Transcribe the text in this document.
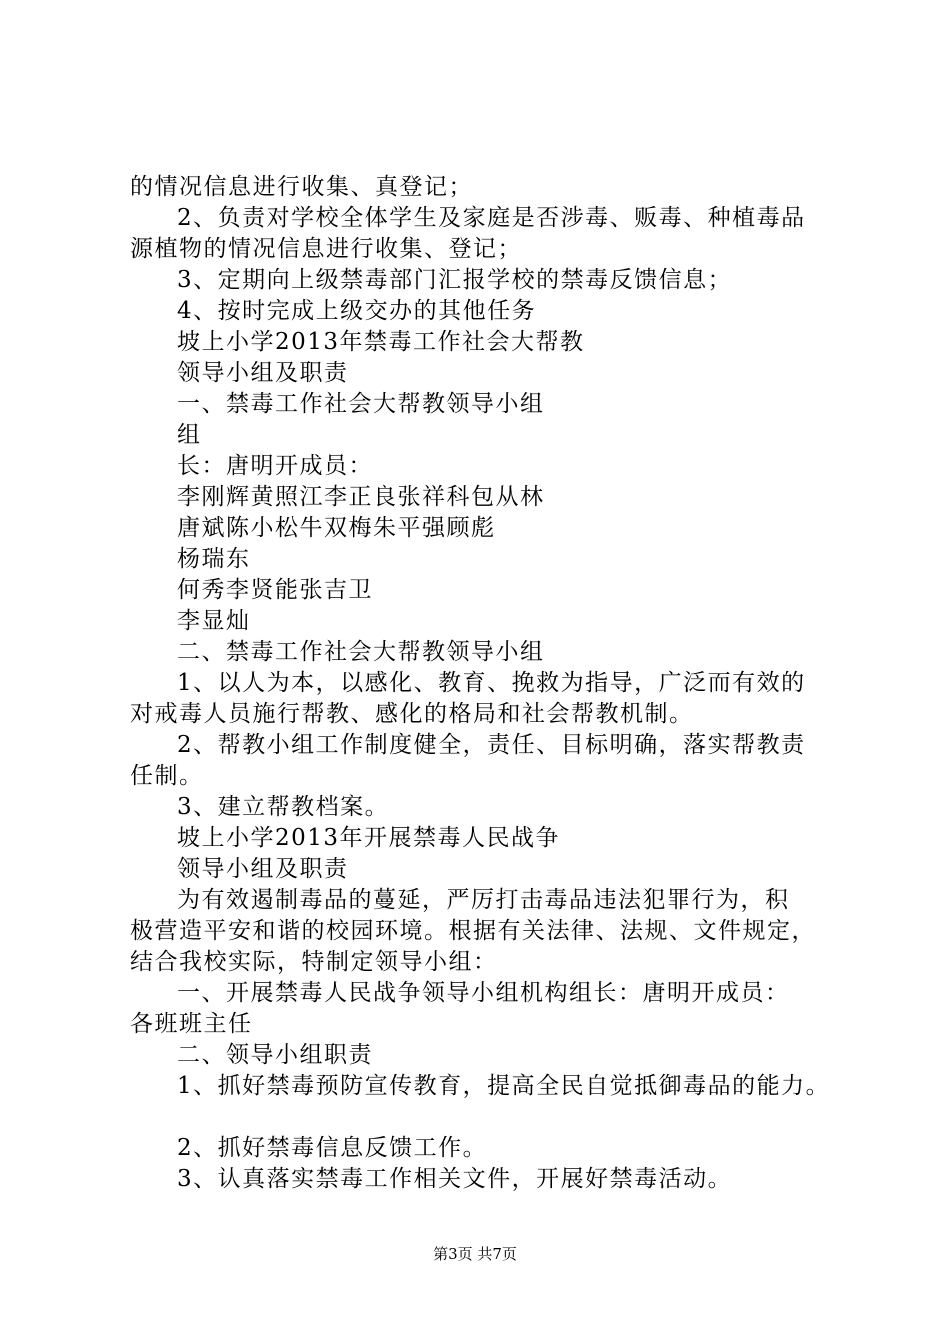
的情况信息进行收集、真登记；
2、负责对学校全体学生及家庭是否涉毒、贩毒、种植毒品
源植物的情况信息进行收集、登记；
3、定期向上级禁毒部门汇报学校的禁毒反馈信息；
4、按时完成上级交办的其他任务
坡上小学2013年禁毒工作社会大帮教
领导小组及职责
一、禁毒工作社会大帮教领导小组
组
长：唐明开成员：
李刚辉黄照江李正良张祥科包从林
唐斌陈小松牛双梅朱平强顾彪
杨瑞东
何秀李贤能张吉卫
李显灿
二、禁毒工作社会大帮教领导小组
1、以人为本，以感化、教育、挽救为指导，广泛而有效的
对戒毒人员施行帮教、感化的格局和社会帮教机制。
2、帮教小组工作制度健全，责任、目标明确，落实帮教责
任制。
3、建立帮教档案。
坡上小学2013年开展禁毒人民战争
领导小组及职责
为有效遏制毒品的蔓延，严厉打击毒品违法犯罪行为，积
极营造平安和谐的校园环境。根据有关法律、法规、文件规定，
结合我校实际，特制定领导小组：
一、开展禁毒人民战争领导小组机构组长：唐明开成员：
各班班主任
二、领导小组职责
1、抓好禁毒预防宣传教育，提高全民自觉抵御毒品的能力。
2、抓好禁毒信息反馈工作。
3、认真落实禁毒工作相关文件，开展好禁毒活动。
第3页 共7页
